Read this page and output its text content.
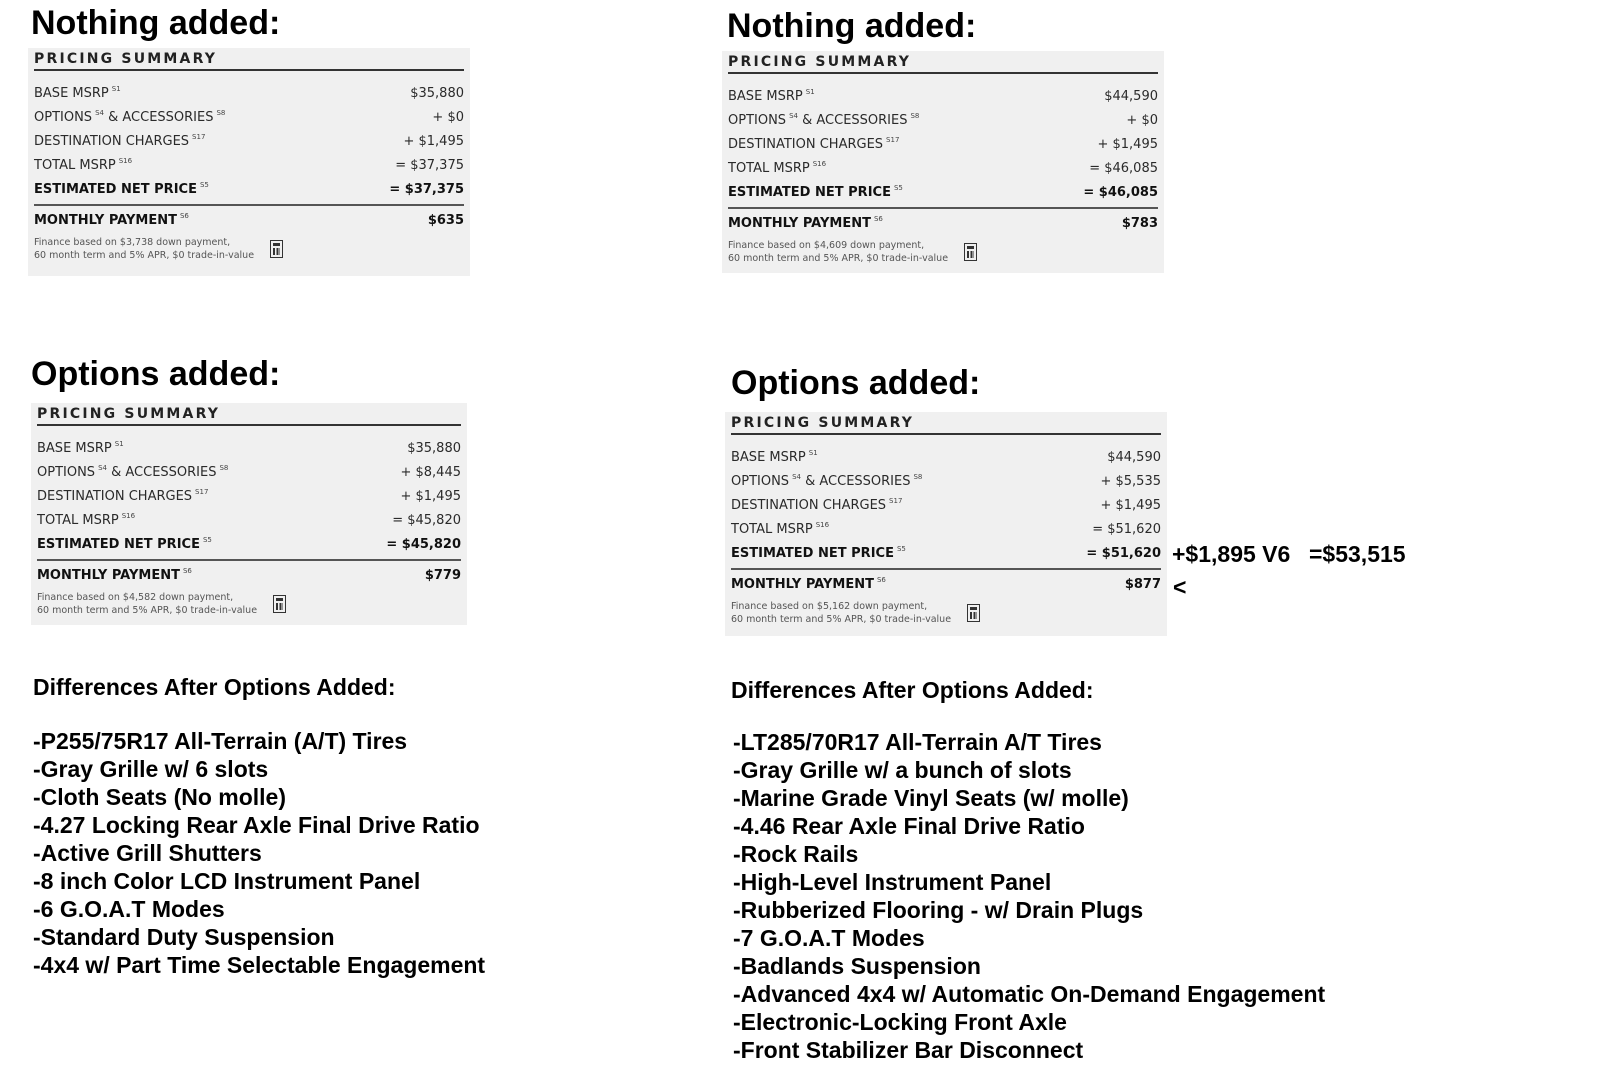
Nothing added:	Nothing added:
Options added:	Options added:
PRICING SUMMARY
BASE MSRP $^{S1}$	$35,880
OPTIONS $^{S4}$ & ACCESSORIES $^{S8}$	+ $0
DESTINATION CHARGES $^{S17}$	+ $1,495
TOTAL MSRP $^{S16}$	= $37,375
ESTIMATED NET PRICE $^{S5}$	= $37,375
MONTHLY PAYMENT $^{S6}$	$635
Finance based on $3,738 down payment,
60 month term and 5% APR, $0 trade-in-value
PRICING SUMMARY
BASE MSRP $^{S1}$	$44,590
OPTIONS $^{S4}$ & ACCESSORIES $^{S8}$	+ $0
DESTINATION CHARGES $^{S17}$	+ $1,495
TOTAL MSRP $^{S16}$	= $46,085
ESTIMATED NET PRICE $^{S5}$	= $46,085
MONTHLY PAYMENT $^{S6}$	$783
Finance based on $4,609 down payment,
60 month term and 5% APR, $0 trade-in-value
PRICING SUMMARY
BASE MSRP $^{S1}$	$35,880
OPTIONS $^{S4}$ & ACCESSORIES $^{S8}$	+ $8,445
DESTINATION CHARGES $^{S17}$	+ $1,495
TOTAL MSRP $^{S16}$	= $45,820
ESTIMATED NET PRICE $^{S5}$	= $45,820
MONTHLY PAYMENT $^{S6}$	$779
Finance based on $4,582 down payment,
60 month term and 5% APR, $0 trade-in-value
PRICING SUMMARY
BASE MSRP $^{S1}$	$44,590
OPTIONS $^{S4}$ & ACCESSORIES $^{S8}$	+ $5,535
DESTINATION CHARGES $^{S17}$	+ $1,495
TOTAL MSRP $^{S16}$	= $51,620
ESTIMATED NET PRICE $^{S5}$	= $51,620
MONTHLY PAYMENT $^{S6}$	$877
Finance based on $5,162 down payment,
60 month term and 5% APR, $0 trade-in-value
+$1,895 V6 =$53,515
<
Differences After Options Added:
-P255/75R17 All-Terrain (A/T) Tires
-Gray Grille w/ 6 slots
-Cloth Seats (No molle)
-4.27 Locking Rear Axle Final Drive Ratio
-Active Grill Shutters
-8 inch Color LCD Instrument Panel
-6 G.O.A.T Modes
-Standard Duty Suspension
-4x4 w/ Part Time Selectable Engagement
Differences After Options Added:
-LT285/70R17 All-Terrain A/T Tires
-Gray Grille w/ a bunch of slots
-Marine Grade Vinyl Seats (w/ molle)
-4.46 Rear Axle Final Drive Ratio
-Rock Rails
-High-Level Instrument Panel
-Rubberized Flooring - w/ Drain Plugs
-7 G.O.A.T Modes
-Badlands Suspension
-Advanced 4x4 w/ Automatic On-Demand Engagement
-Electronic-Locking Front Axle
-Front Stabilizer Bar Disconnect
